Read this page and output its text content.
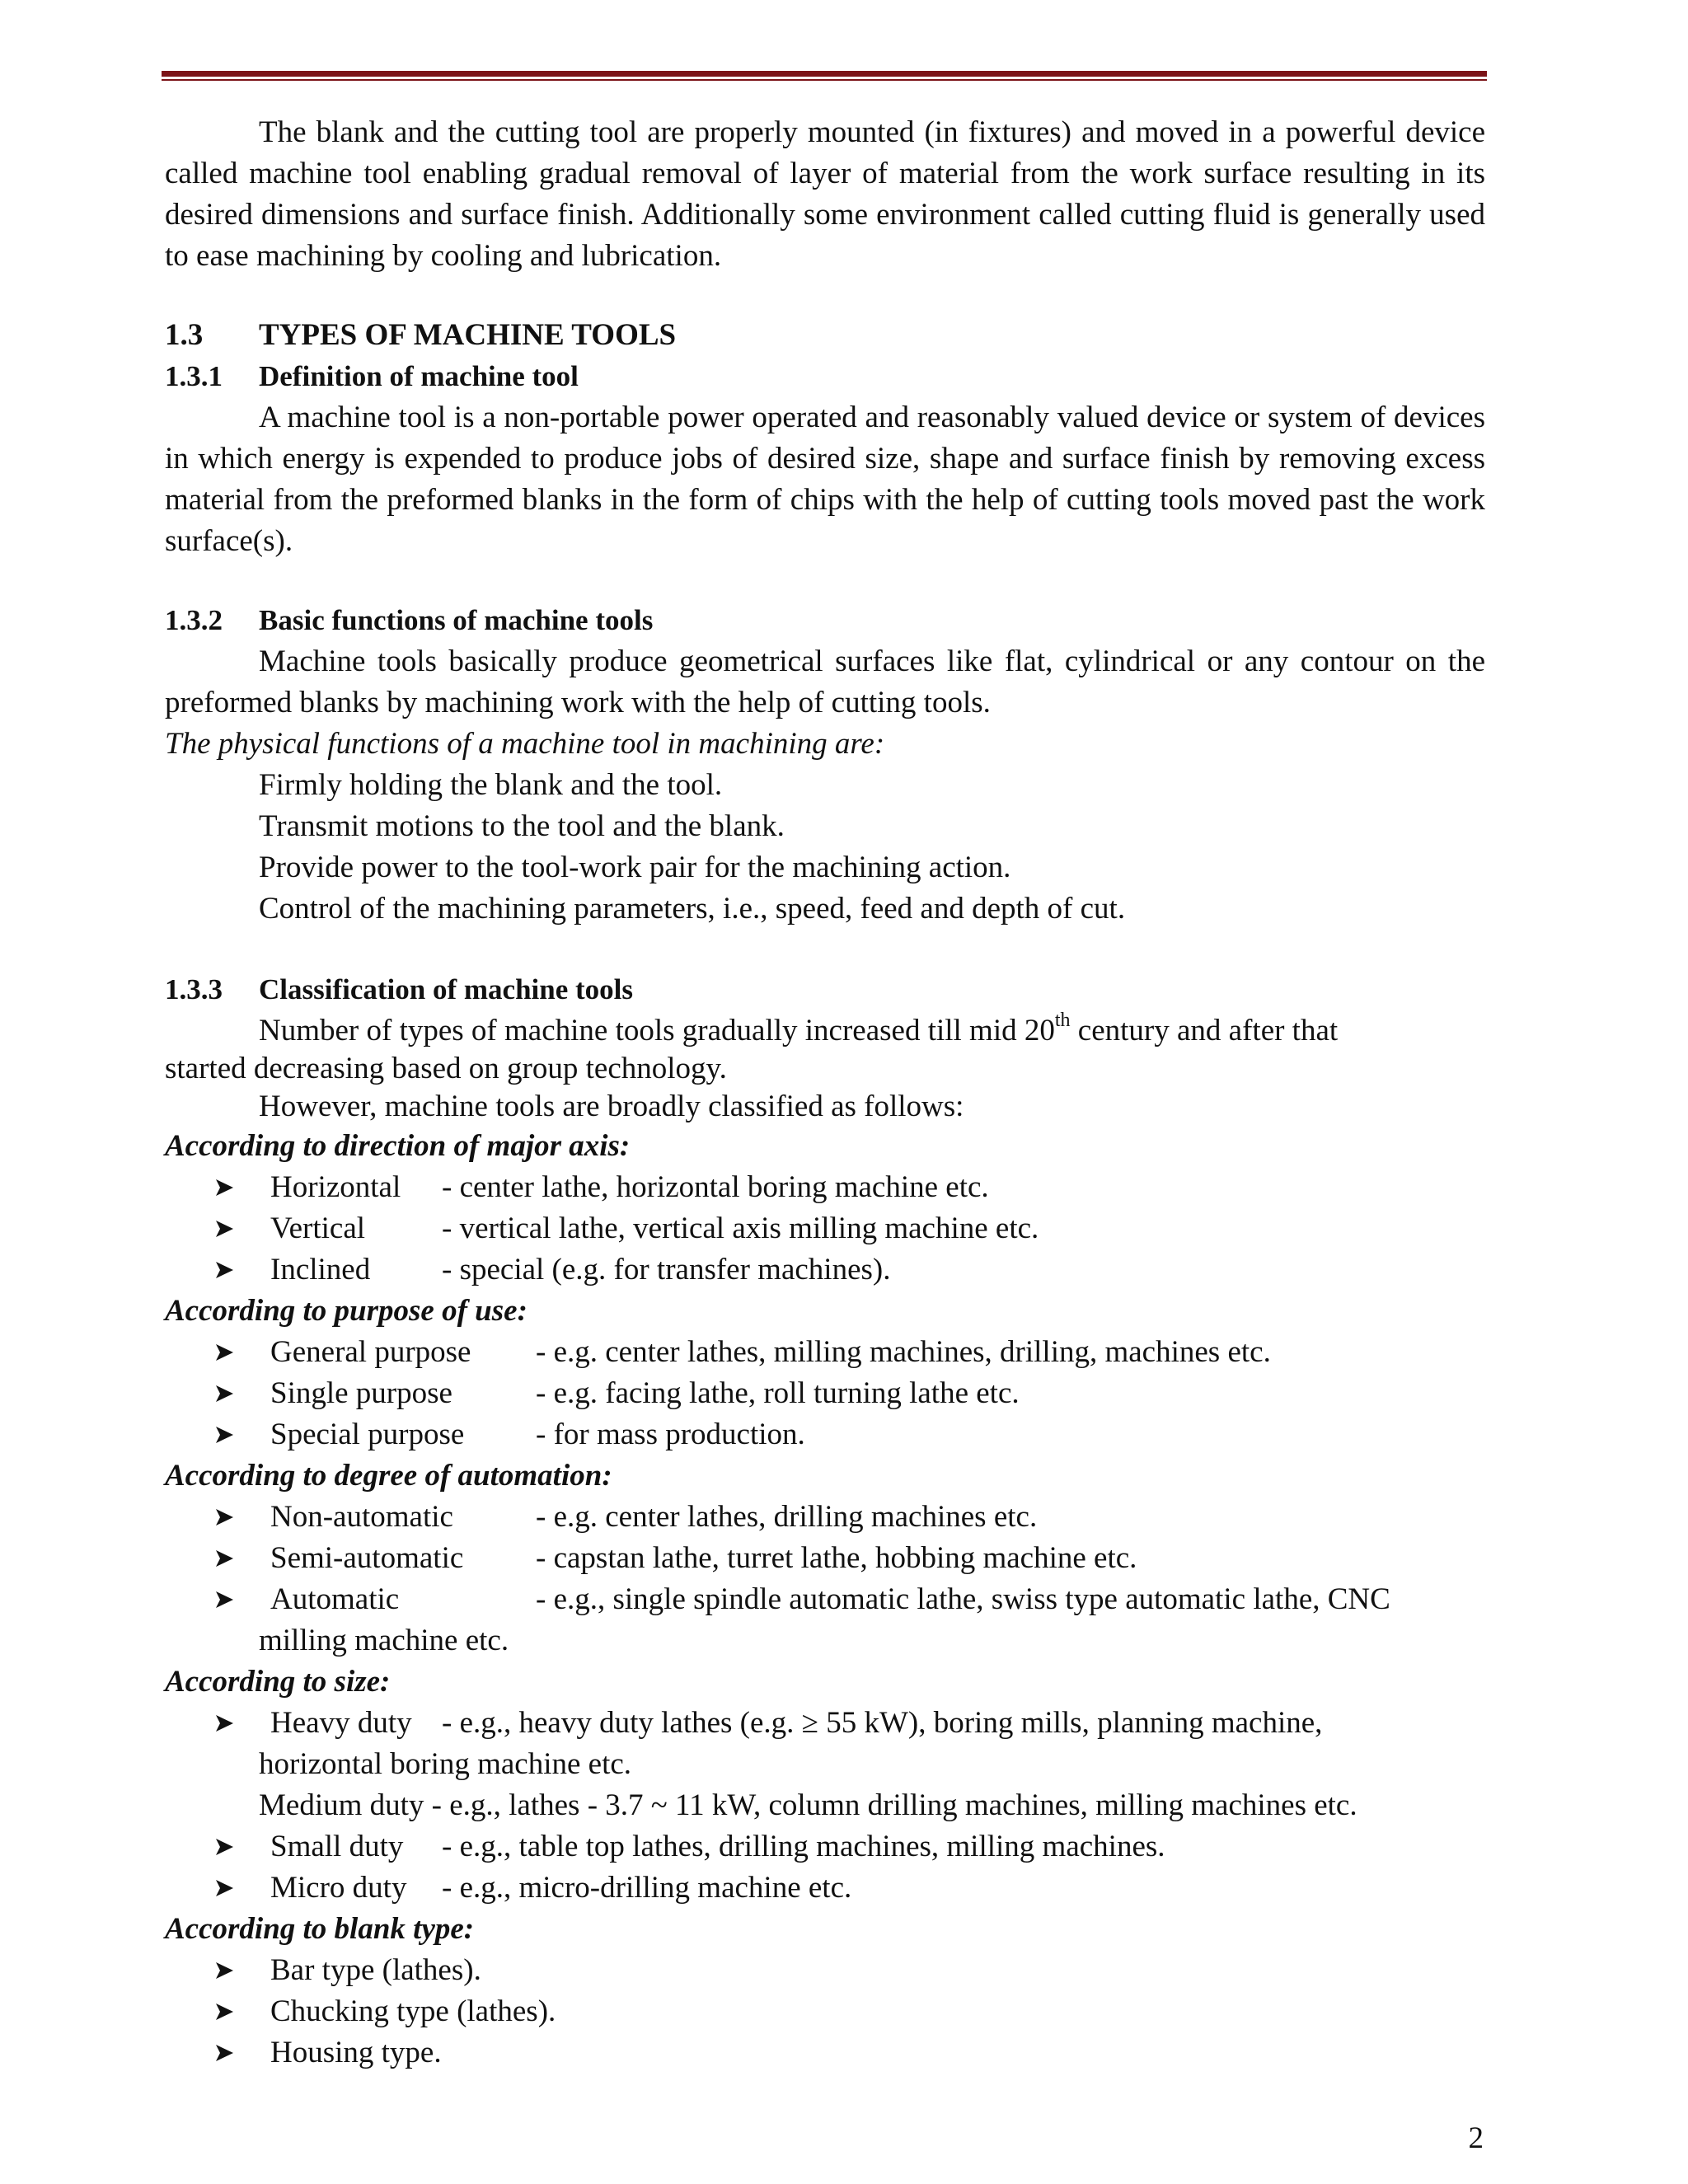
The blank and the cutting tool are properly mounted (in fixtures) and moved in a powerful device called machine tool enabling gradual removal of layer of material from the work surface resulting in its desired dimensions and surface finish. Additionally some environment called cutting fluid is generally used to ease machining by cooling and lubrication.

1.3 TYPES OF MACHINE TOOLS

1.3.1 Definition of machine tool

A machine tool is a non-portable power operated and reasonably valued device or system of devices in which energy is expended to produce jobs of desired size, shape and surface finish by removing excess material from the preformed blanks in the form of chips with the help of cutting tools moved past the work surface(s).

1.3.2 Basic functions of machine tools

Machine tools basically produce geometrical surfaces like flat, cylindrical or any contour on the preformed blanks by machining work with the help of cutting tools.

The physical functions of a machine tool in machining are:

Firmly holding the blank and the tool.

Transmit motions to the tool and the blank.

Provide power to the tool-work pair for the machining action.

Control of the machining parameters, i.e., speed, feed and depth of cut.

1.3.3 Classification of machine tools

Number of types of machine tools gradually increased till mid 20th century and after that

started decreasing based on group technology.

However, machine tools are broadly classified as follows:

According to direction of major axis:

Horizontal - center lathe, horizontal boring machine etc.

Vertical	- vertical lathe, vertical axis milling machine etc.

Inclined - special (e.g. for transfer machines).

According to purpose of use:

General purpose - e.g. center lathes, milling machines, drilling, machines etc.

Single purpose	- e.g. facing lathe, roll turning lathe etc.

Special purpose - for mass production.

According to degree of automation:

Non-automatic	- e.g. center lathes, drilling machines etc.

Semi-automatic - capstan lathe, turret lathe, hobbing machine etc.

Automatic	- e.g., single spindle automatic lathe, swiss type automatic lathe, CNC

milling machine etc.

According to size:

Heavy duty - e.g., heavy duty lathes (e.g. ≥ 55 kW), boring mills, planning machine,

horizontal boring machine etc.

Medium duty - e.g., lathes - 3.7 ~ 11 kW, column drilling machines, milling machines etc.

Small duty - e.g., table top lathes, drilling machines, milling machines.

Micro duty - e.g., micro-drilling machine etc.

According to blank type:

Bar type (lathes).

Chucking type (lathes).

Housing type.

2
